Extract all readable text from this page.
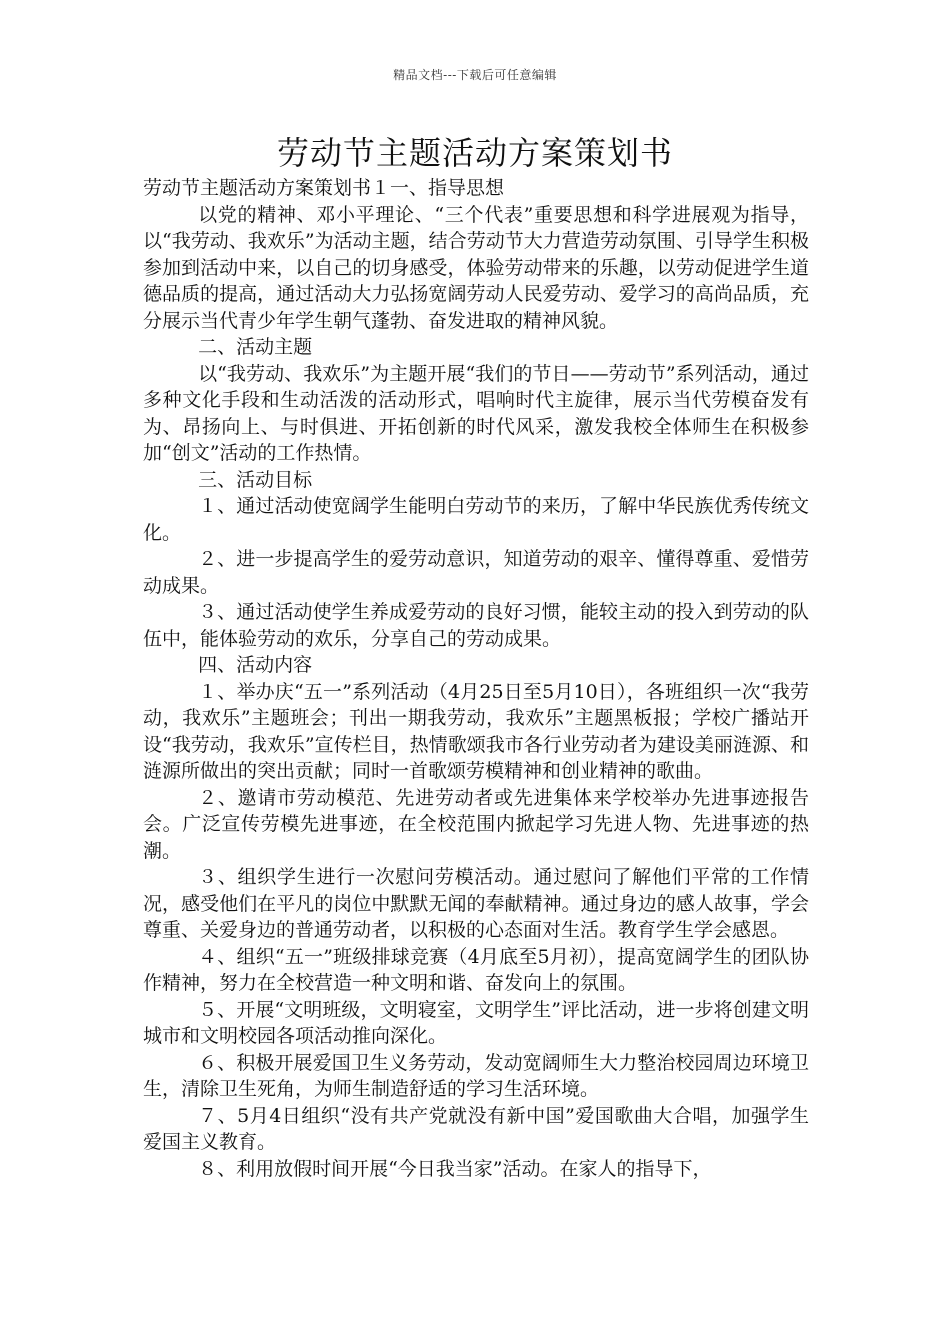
精品文档---下载后可任意编辑
劳动节主题活动方案策划书

劳动节主题活动方案策划书１一、指导思想

以党的精神、邓小平理论、“三个代表”重要思想和科学进展观为指导，以“我劳动、我欢乐”为活动主题，结合劳动节大力营造劳动氛围、引导学生积极参加到活动中来，以自己的切身感受，体验劳动带来的乐趣，以劳动促进学生道德品质的提高，通过活动大力弘扬宽阔劳动人民爱劳动、爱学习的高尚品质，充分展示当代青少年学生朝气蓬勃、奋发进取的精神风貌。

二、活动主题

以“我劳动、我欢乐”为主题开展“我们的节日——劳动节”系列活动，通过多种文化手段和生动活泼的活动形式，唱响时代主旋律，展示当代劳模奋发有为、昂扬向上、与时俱进、开拓创新的时代风采，激发我校全体师生在积极参加“创文”活动的工作热情。

三、活动目标

１、通过活动使宽阔学生能明白劳动节的来历，了解中华民族优秀传统文化。

２、进一步提高学生的爱劳动意识，知道劳动的艰辛、懂得尊重、爱惜劳动成果。

３、通过活动使学生养成爱劳动的良好习惯，能较主动的投入到劳动的队伍中，能体验劳动的欢乐，分享自己的劳动成果。

四、活动内容

１、举办庆“五一”系列活动（4月25日至5月10日），各班组织一次“我劳动，我欢乐”主题班会；刊出一期我劳动，我欢乐”主题黑板报；学校广播站开设“我劳动，我欢乐”宣传栏目，热情歌颂我市各行业劳动者为建设美丽涟源、和涟源所做出的突出贡献；同时一首歌颂劳模精神和创业精神的歌曲。

２、邀请市劳动模范、先进劳动者或先进集体来学校举办先进事迹报告会。广泛宣传劳模先进事迹，在全校范围内掀起学习先进人物、先进事迹的热潮。

３、组织学生进行一次慰问劳模活动。通过慰问了解他们平常的工作情况，感受他们在平凡的岗位中默默无闻的奉献精神。通过身边的感人故事，学会尊重、关爱身边的普通劳动者，以积极的心态面对生活。教育学生学会感恩。

４、组织“五一”班级排球竞赛（4月底至5月初），提高宽阔学生的团队协作精神，努力在全校营造一种文明和谐、奋发向上的氛围。

５、开展“文明班级，文明寝室，文明学生”评比活动，进一步将创建文明城市和文明校园各项活动推向深化。

６、积极开展爱国卫生义务劳动，发动宽阔师生大力整治校园周边环境卫生，清除卫生死角，为师生制造舒适的学习生活环境。

７、5月4日组织“没有共产党就没有新中国”爱国歌曲大合唱，加强学生爱国主义教育。

８、利用放假时间开展“今日我当家”活动。在家人的指导下，
